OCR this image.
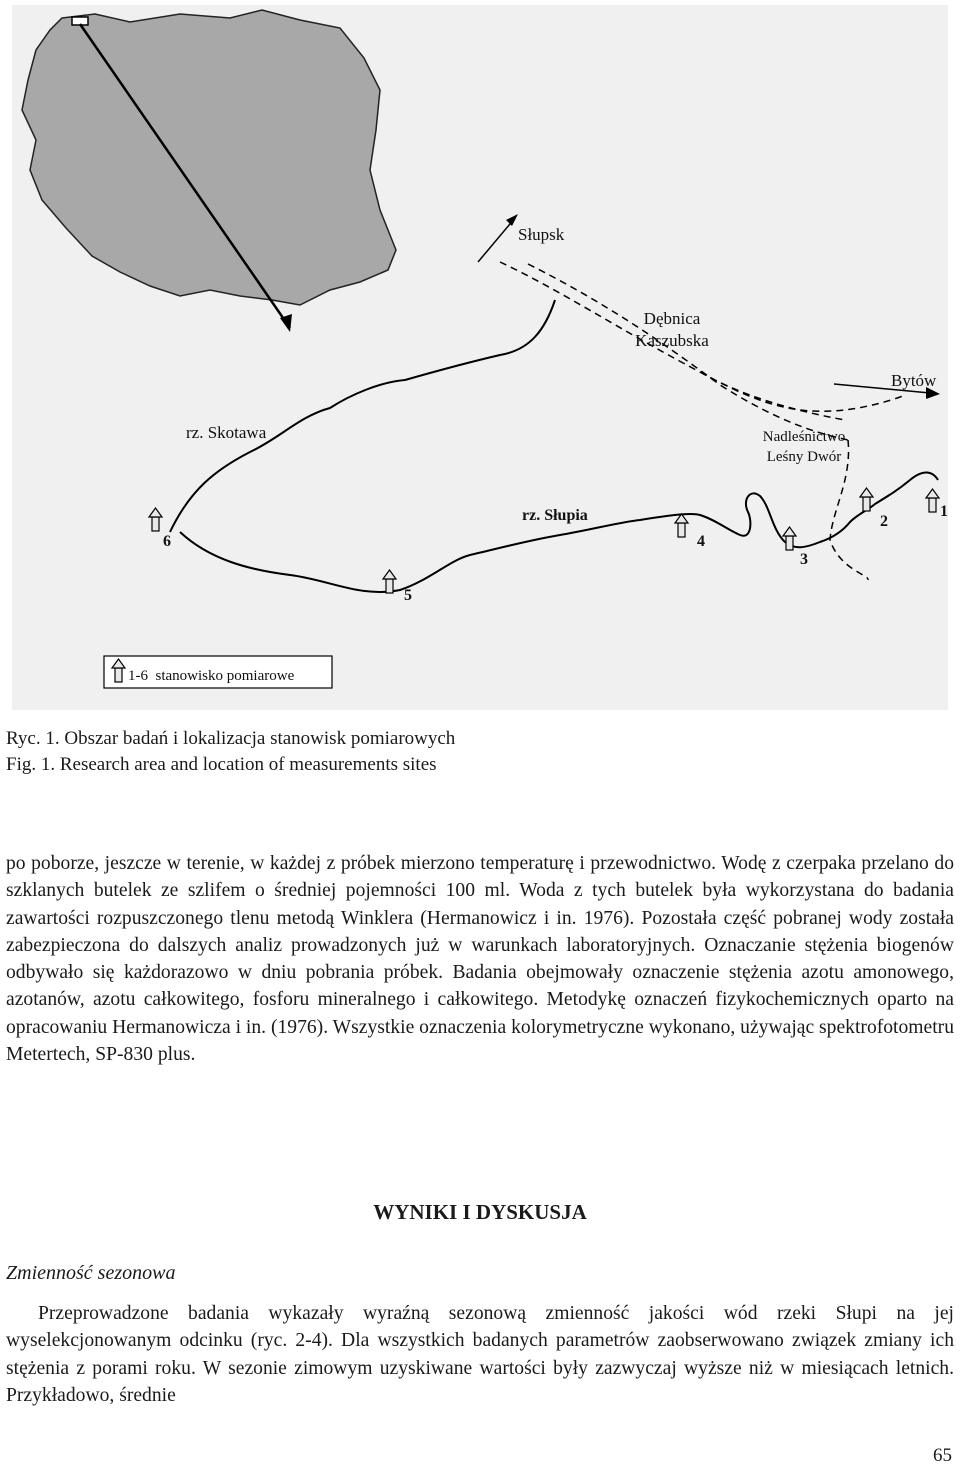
Słupsk
Dębnica
Kaszubska
Bytów
rz. Skotawa	Nadleśnictwo
Leśny Dwór
rz. Słupia	1
2
3
4
5
6
1-6  stanowisko pomiarowe
Ryc. 1. Obszar badań i lokalizacja stanowisk pomiarowych
Fig. 1. Research area and location of measurements sites

po poborze, jeszcze w terenie, w każdej z próbek mierzono temperaturę i przewodnictwo. Wodę z czerpaka przelano do szklanych butelek ze szlifem o średniej pojemności 100 ml. Woda z tych butelek była wykorzystana do badania zawartości rozpuszczonego tlenu metodą Winklera (Hermanowicz i in. 1976). Pozostała część pobranej wody została zabezpieczona do dalszych analiz prowadzonych już w warunkach laboratoryjnych. Oznaczanie stężenia biogenów odbywało się każdorazowo w dniu pobrania próbek. Badania obejmowały oznaczenie stężenia azotu amonowego, azotanów, azotu całkowitego, fosforu mineralnego i całkowitego. Metodykę oznaczeń fizykochemicznych oparto na opracowaniu Hermanowicza i in. (1976). Wszystkie oznaczenia kolorymetryczne wykonano, używając spektrofotometru Metertech, SP-830 plus.

WYNIKI I DYSKUSJA
Zmienność sezonowa

Przeprowadzone badania wykazały wyraźną sezonową zmienność jakości wód rzeki Słupi na jej wyselekcjonowanym odcinku (ryc. 2-4). Dla wszystkich badanych parametrów zaobserwowano związek zmiany ich stężenia z porami roku. W sezonie zimowym uzyskiwane wartości były zazwyczaj wyższe niż w miesiącach letnich. Przykładowo, średnie

65
